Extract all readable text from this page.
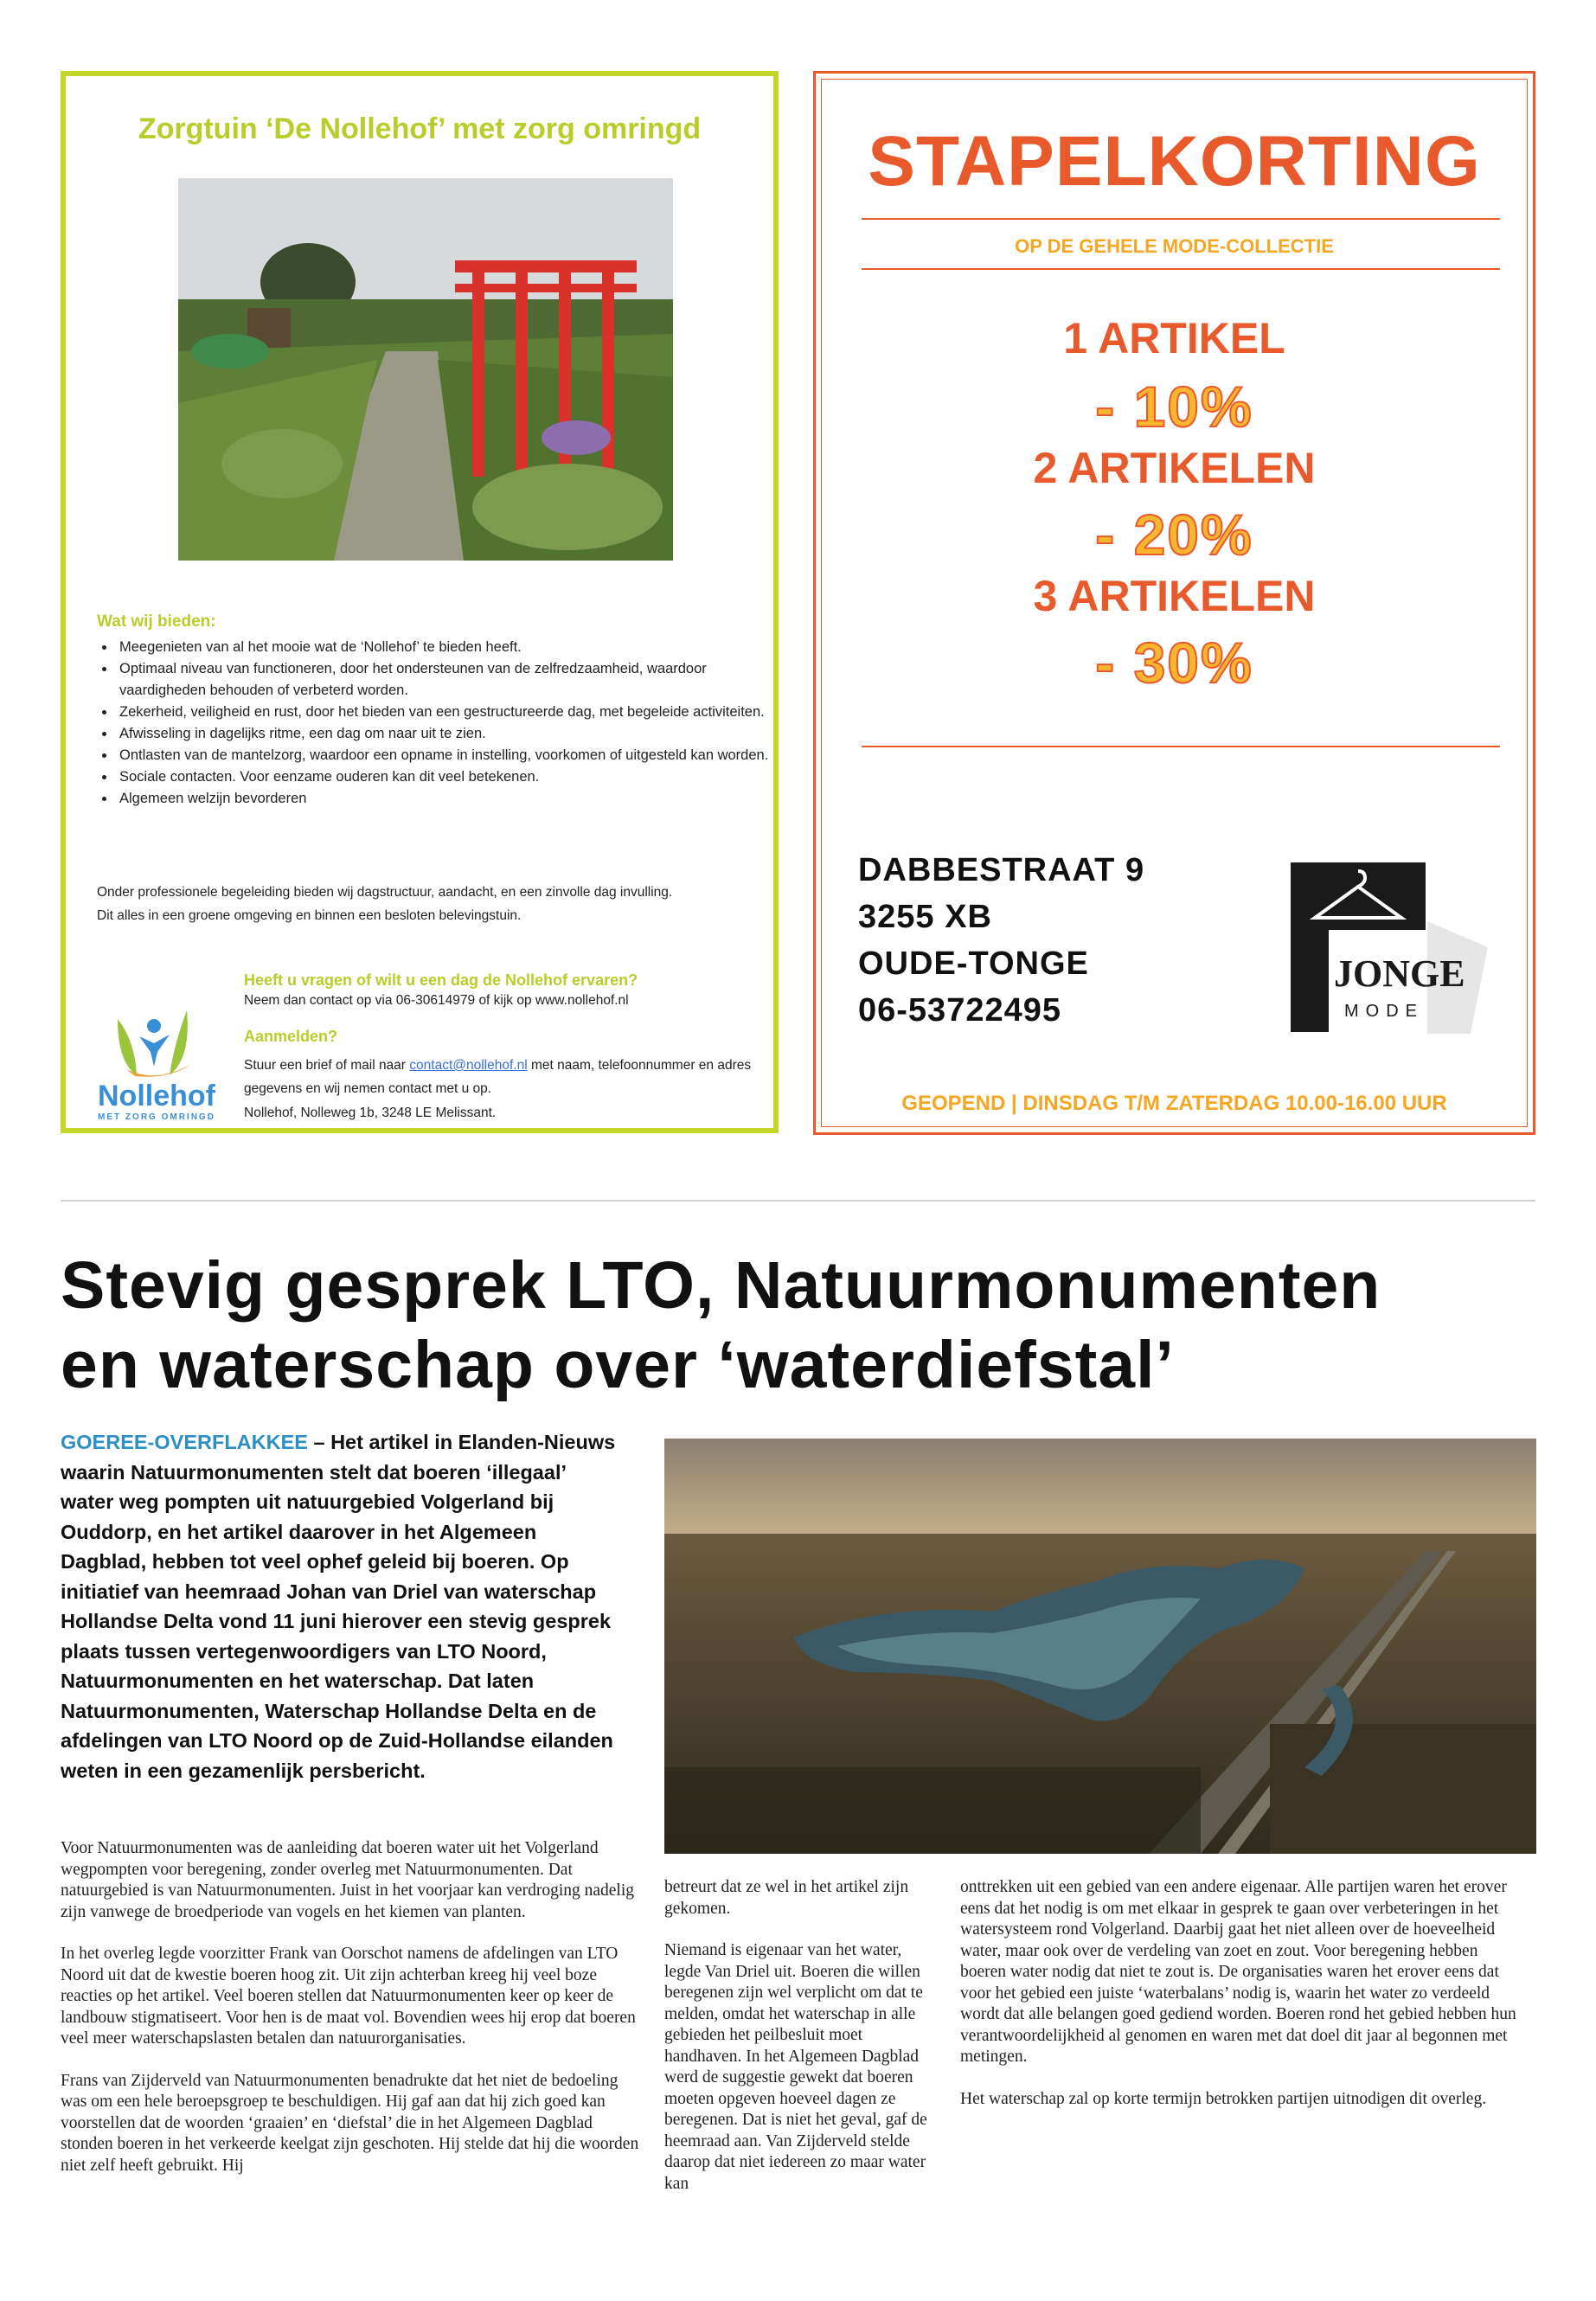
Zorgtuin ‘De Nollehof’ met zorg omringd
Wat wij bieden:
• Meegenieten van al het mooie wat de ‘Nollehof’ te bieden heeft.
• Optimaal niveau van functioneren, door het ondersteunen van de zelfredzaamheid, waardoor vaardigheden behouden of verbeterd worden.
• Zekerheid, veiligheid en rust, door het bieden van een gestructureerde dag, met begeleide activiteiten.
• Afwisseling in dagelijks ritme, een dag om naar uit te zien.
• Ontlasten van de mantelzorg, waardoor een opname in instelling, voorkomen of uitgesteld kan worden.
• Sociale contacten. Voor eenzame ouderen kan dit veel betekenen.
• Algemeen welzijn bevorderen

Onder professionele begeleiding bieden wij dagstructuur, aandacht, en een zinvolle dag invulling.

Dit alles in een groene omgeving en binnen een besloten belevingstuin.

Nollehof
MET ZORG OMRINGD
Heeft u vragen of wilt u een dag de Nollehof ervaren?
Neem dan contact op via 06-30614979 of kijk op www.nollehof.nl
Aanmelden?
Stuur een brief of mail naar contact@nollehof.nl met naam, telefoonnummer en adres gegevens en wij nemen contact met u op.
Nollehof, Nolleweg 1b, 3248 LE Melissant.
STAPELKORTING
OP DE GEHELE MODE-COLLECTIE
1 ARTIKEL
- 10%
2 ARTIKELEN
- 20%
3 ARTIKELEN
- 30%
DABBESTRAAT 9
3255 XB
OUDE-TONGE
06-53722495
DE JONGE
MODE
GEOPEND | DINSDAG T/M ZATERDAG 10.00-16.00 UUR
Stevig gesprek LTO, Natuurmonumenten
en waterschap over ‘waterdiefstal’
GOEREE-OVERFLAKKEE – Het artikel in Elanden-Nieuws waarin Natuurmonumenten stelt dat boeren ‘illegaal’ water weg pompten uit natuurgebied Volgerland bij Ouddorp, en het artikel daarover in het Algemeen Dagblad, hebben tot veel ophef geleid bij boeren. Op initiatief van heemraad Johan van Driel van waterschap Hollandse Delta vond 11 juni hierover een stevig gesprek plaats tussen vertegenwoordigers van LTO Noord, Natuurmonumenten en het waterschap. Dat laten Natuurmonumenten, Waterschap Hollandse Delta en de afdelingen van LTO Noord op de Zuid-Hollandse eilanden weten in een gezamenlijk persbericht.

Voor Natuurmonumenten was de aanleiding dat boeren water uit het Volgerland wegpompten voor beregening, zonder overleg met Natuurmonumenten. Dat natuurgebied is van Natuurmonumenten. Juist in het voorjaar kan verdroging nadelig zijn vanwege de broedperiode van vogels en het kiemen van planten.

In het overleg legde voorzitter Frank van Oorschot namens de afdelingen van LTO Noord uit dat de kwestie boeren hoog zit. Uit zijn achterban kreeg hij veel boze reacties op het artikel. Veel boeren stellen dat Natuurmonumenten keer op keer de landbouw stigmatiseert. Voor hen is de maat vol. Bovendien wees hij erop dat boeren veel meer waterschapslasten betalen dan natuurorganisaties.

Frans van Zijderveld van Natuurmonumenten benadrukte dat het niet de bedoeling was om een hele beroepsgroep te beschuldigen. Hij gaf aan dat hij zich goed kan voorstellen dat de woorden ‘graaien’ en ‘diefstal’ die in het Algemeen Dagblad stonden boeren in het verkeerde keelgat zijn geschoten. Hij stelde dat hij die woorden niet zelf heeft gebruikt. Hij

betreurt dat ze wel in het artikel zijn gekomen.

Niemand is eigenaar van het water, legde Van Driel uit. Boeren die willen beregenen zijn wel verplicht om dat te melden, omdat het waterschap in alle gebieden het peilbesluit moet handhaven. In het Algemeen Dagblad werd de suggestie gewekt dat boeren moeten opgeven hoeveel dagen ze beregenen. Dat is niet het geval, gaf de heemraad aan. Van Zijderveld stelde daarop dat niet iedereen zo maar water kan

onttrekken uit een gebied van een andere eigenaar. Alle partijen waren het erover eens dat het nodig is om met elkaar in gesprek te gaan over verbeteringen in het watersysteem rond Volgerland. Daarbij gaat het niet alleen over de hoeveelheid water, maar ook over de verdeling van zoet en zout. Voor beregening hebben boeren water nodig dat niet te zout is. De organisaties waren het erover eens dat voor het gebied een juiste ‘waterbalans’ nodig is, waarin het water zo verdeeld wordt dat alle belangen goed gediend worden. Boeren rond het gebied hebben hun verantwoordelijkheid al genomen en waren met dat doel dit jaar al begonnen met metingen.

Het waterschap zal op korte termijn betrokken partijen uitnodigen dit overleg.
